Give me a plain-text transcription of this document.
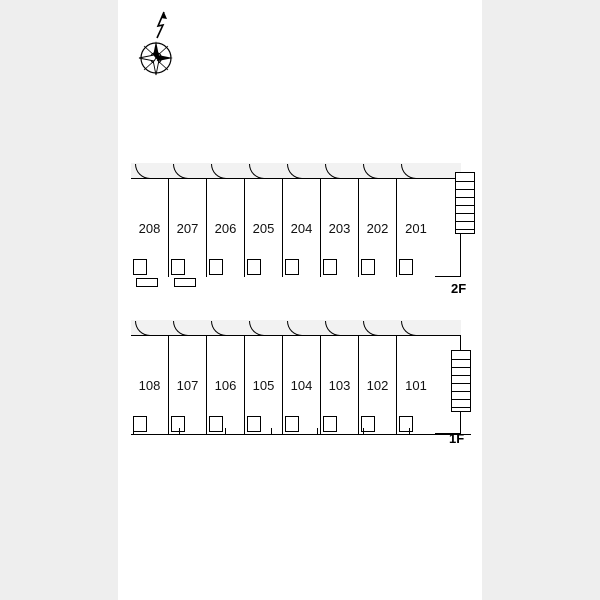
208 207 206 205 204 203 202 201
2F
108 107 106 105 104 103 102 101
1F
